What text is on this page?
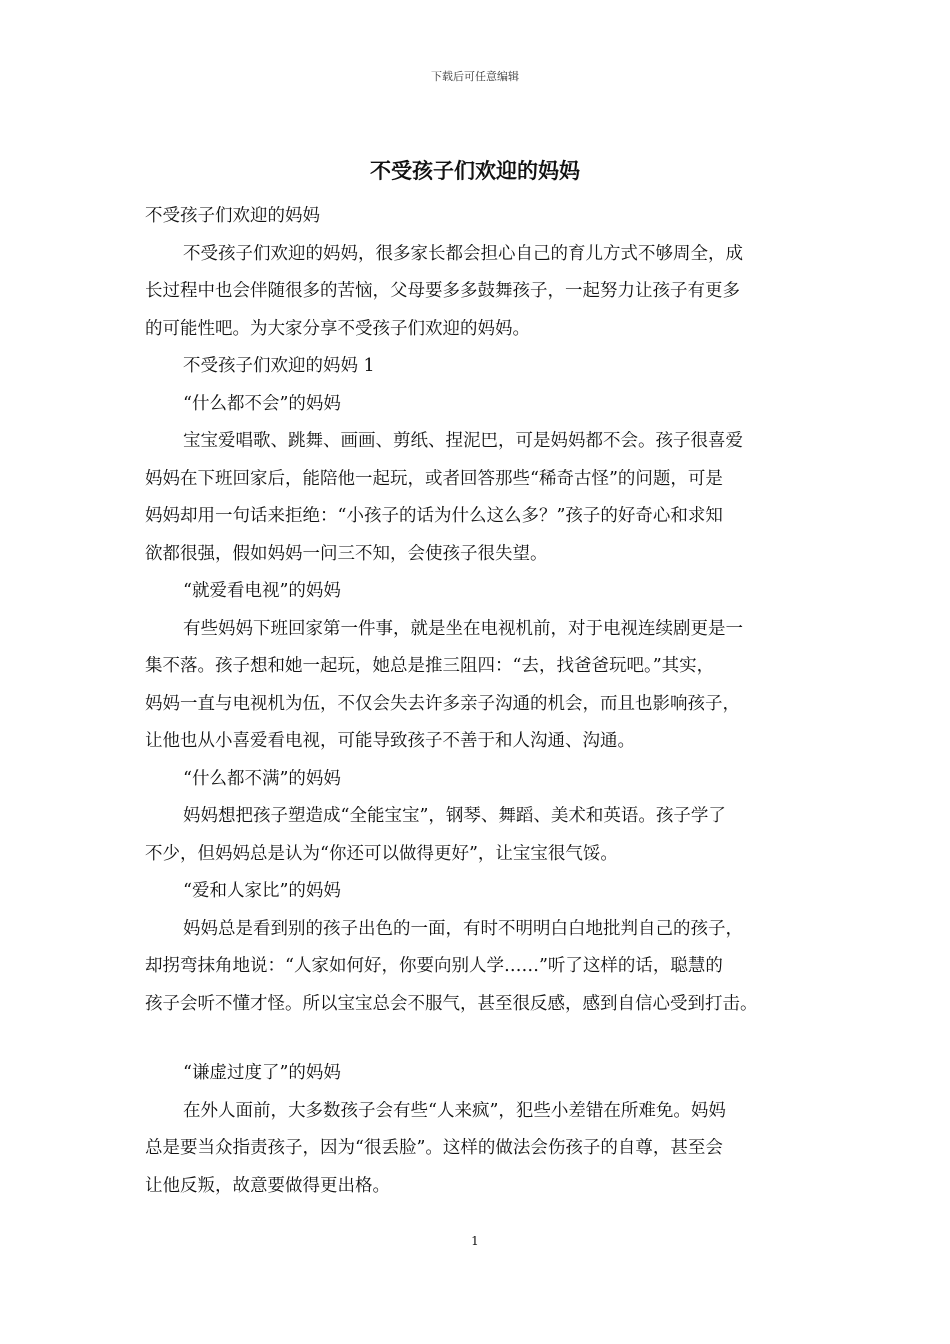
下载后可任意编辑
不受孩子们欢迎的妈妈
不受孩子们欢迎的妈妈
不受孩子们欢迎的妈妈，很多家长都会担心自己的育儿方式不够周全，成
长过程中也会伴随很多的苦恼，父母要多多鼓舞孩子，一起努力让孩子有更多
的可能性吧。为大家分享不受孩子们欢迎的妈妈。
不受孩子们欢迎的妈妈 1
“什么都不会”的妈妈
宝宝爱唱歌、跳舞、画画、剪纸、捏泥巴，可是妈妈都不会。孩子很喜爱
妈妈在下班回家后，能陪他一起玩，或者回答那些“稀奇古怪”的问题，可是
妈妈却用一句话来拒绝：“小孩子的话为什么这么多？”孩子的好奇心和求知
欲都很强，假如妈妈一问三不知，会使孩子很失望。
“就爱看电视”的妈妈
有些妈妈下班回家第一件事，就是坐在电视机前，对于电视连续剧更是一
集不落。孩子想和她一起玩，她总是推三阻四：“去，找爸爸玩吧。”其实，
妈妈一直与电视机为伍，不仅会失去许多亲子沟通的机会，而且也影响孩子，
让他也从小喜爱看电视，可能导致孩子不善于和人沟通、沟通。
“什么都不满”的妈妈
妈妈想把孩子塑造成“全能宝宝”，钢琴、舞蹈、美术和英语。孩子学了
不少，但妈妈总是认为“你还可以做得更好”，让宝宝很气馁。
“爱和人家比”的妈妈
妈妈总是看到别的孩子出色的一面，有时不明明白白地批判自己的孩子，
却拐弯抹角地说：“人家如何好，你要向别人学……”听了这样的话，聪慧的
孩子会听不懂才怪。所以宝宝总会不服气，甚至很反感，感到自信心受到打击。
“谦虚过度了”的妈妈
在外人面前，大多数孩子会有些“人来疯”，犯些小差错在所难免。妈妈
总是要当众指责孩子，因为“很丢脸”。这样的做法会伤孩子的自尊，甚至会
让他反叛，故意要做得更出格。
1
